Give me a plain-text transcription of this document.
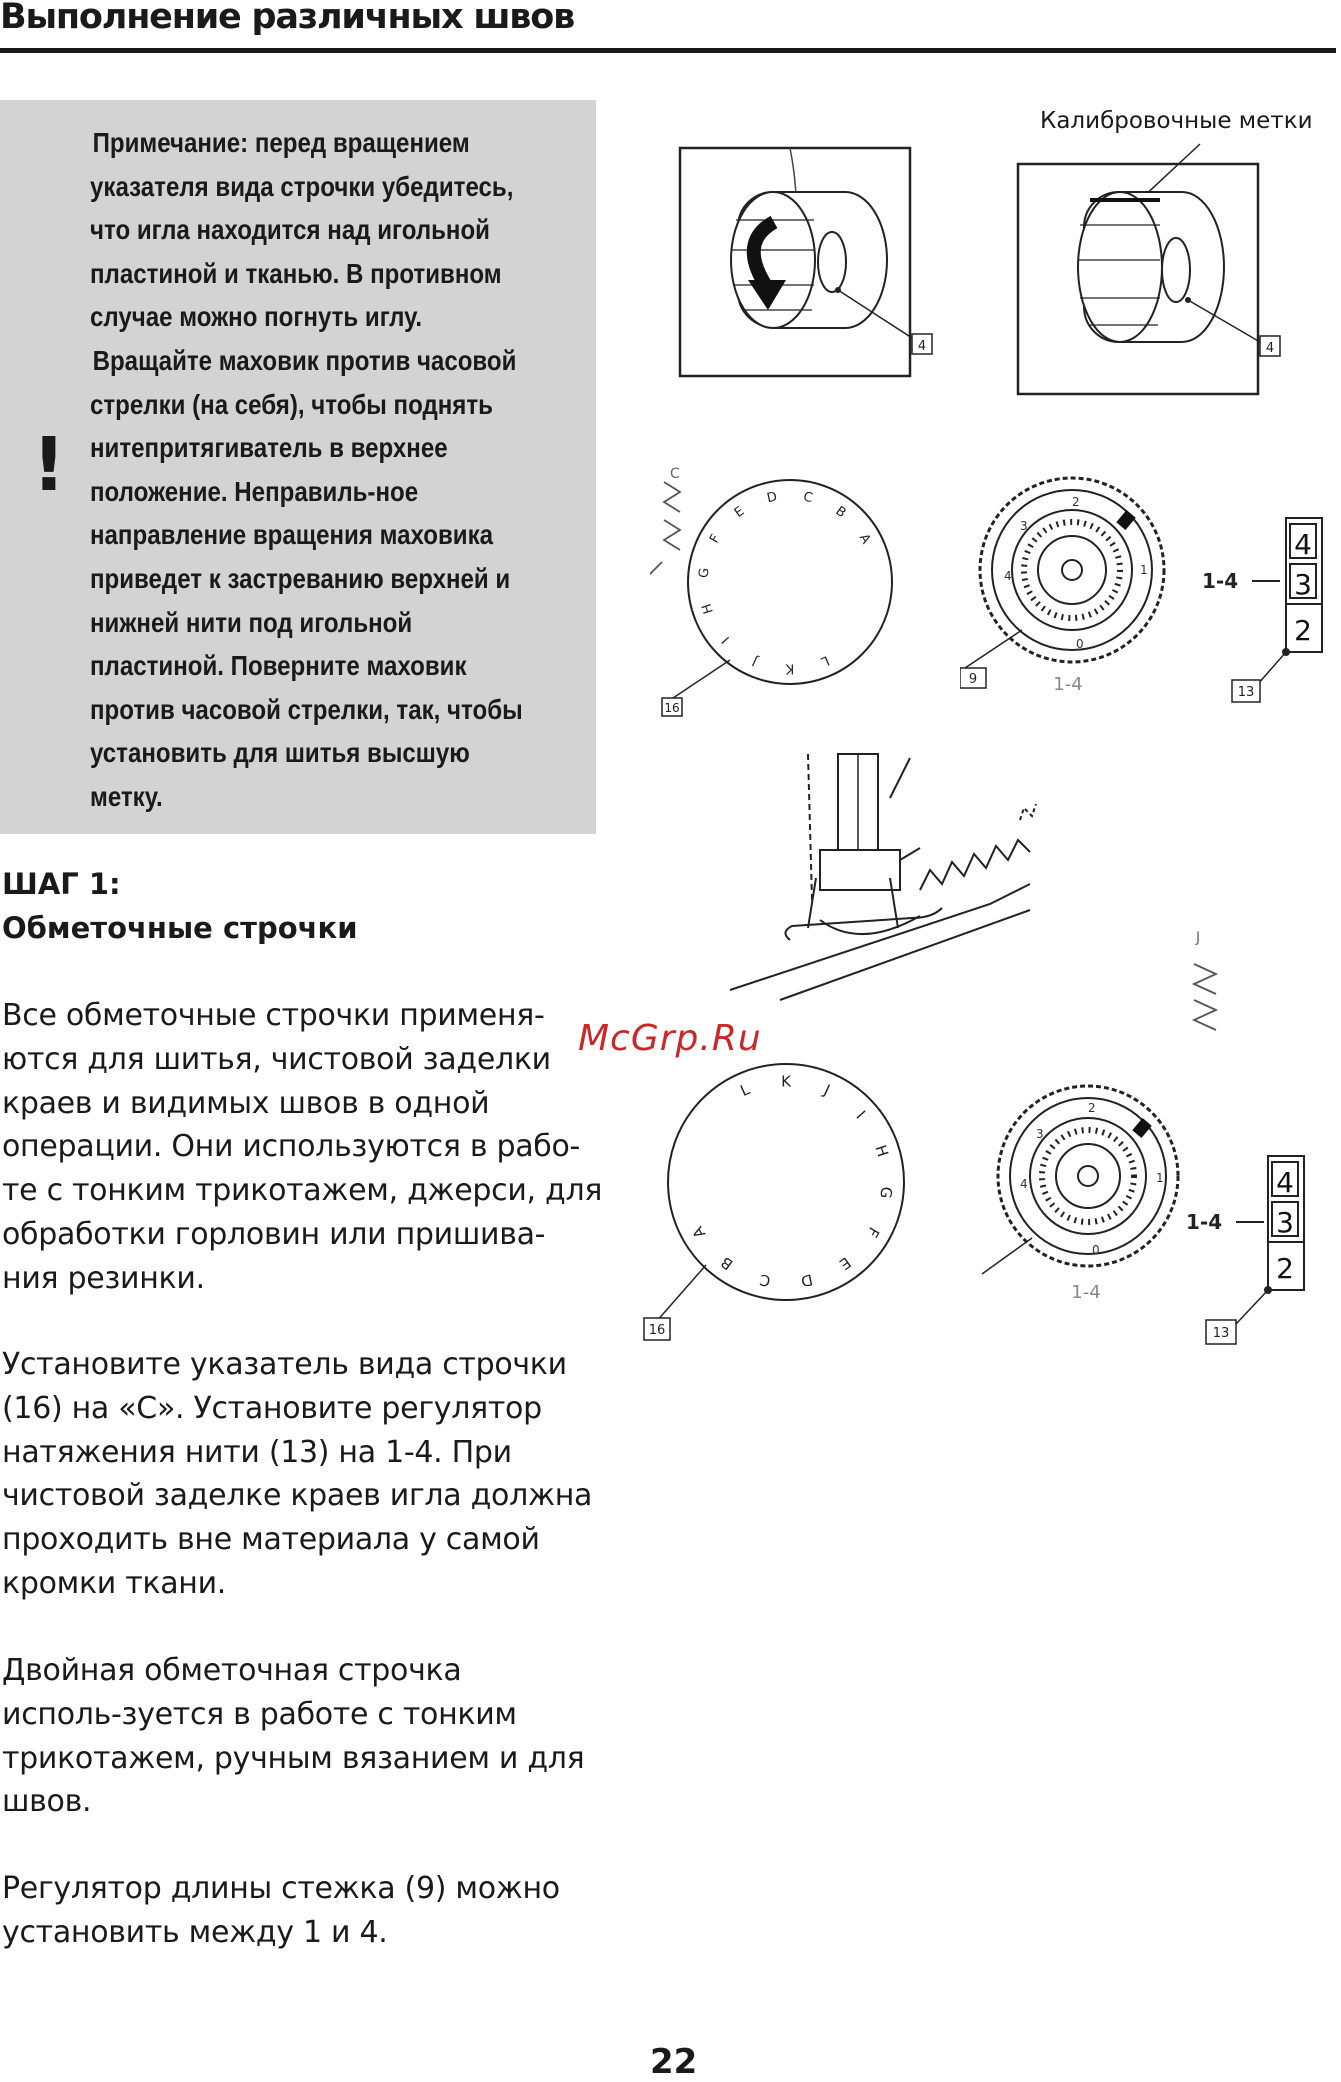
Выполнение различных швов
!

Примечание: перед вращением
указателя вида строчки убедитесь,
что игла находится над игольной
пластиной и тканью. В противном
случае можно погнуть иглу.

Вращайте маховик против часовой
стрелки (на себя), чтобы поднять
нитепритягиватель в верхнее
положение. Неправиль-ное
направление вращения маховика
приведет к застреванию верхней и
нижней нити под игольной
пластиной. Поверните маховик
против часовой стрелки, так, чтобы
установить для шитья высшую
метку.

ШАГ 1:
Обметочные строчки
Все обметочные строчки применя-
ются для шитья, чистовой заделки
краев и видимых швов в одной
операции. Они используются в рабо-
те с тонким трикотажем, джерси, для
обработки горловин или пришива-
ния резинки.
Установите указатель вида строчки
(16) на «С». Установите регулятор
натяжения нити (13) на 1-4. При
чистовой заделке краев игла должна
проходить вне материала у самой
кромки ткани.
Двойная обметочная строчка
исполь-зуется в работе с тонким
трикотажем, ручным вязанием и для
швов.
Регулятор длины стежка (9) можно
установить между 1 и 4.
McGrp.Ru
22
Калибровочные метки
4	4
C
A
B
C
D
E
F
G
H
I
J K L
16
2
1
3
4
0
9	1-4
1-4
4
3
2
13
J
A
B
C D
E
F
G
H
I
J
K
L
16
2
1
3
4
0
1-4
1-4
4
3
2
13
